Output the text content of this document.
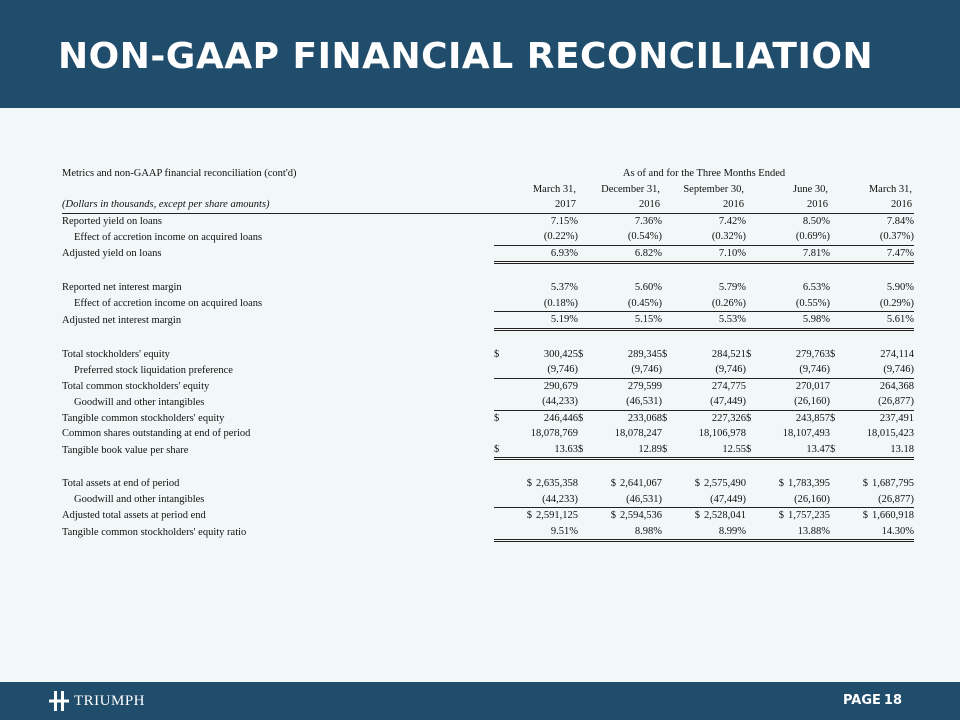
NON-GAAP FINANCIAL RECONCILIATION
Metrics and non-GAAP financial reconciliation (cont'd)	As of and for the Three Months Ended				
	March 31,	December 31,	September 30,	June 30,	March 31,
(Dollars in thousands, except per share amounts)	2017	2016	2016	2016	2016
Reported yield on loans	7.15%	7.36%	7.42%	8.50%	7.84%
Effect of accretion income on acquired loans	(0.22%)	(0.54%)	(0.32%)	(0.69%)	(0.37%)
Adjusted yield on loans	6.93%	6.82%	7.10%	7.81%	7.47%

Reported net interest margin	5.37%	5.60%	5.79%	6.53%	5.90%
Effect of accretion income on acquired loans	(0.18%)	(0.45%)	(0.26%)	(0.55%)	(0.29%)
Adjusted net interest margin	5.19%	5.15%	5.53%	5.98%	5.61%

Total stockholders' equity	$ 300,425	$ 289,345	$ 284,521	$ 279,763	$ 274,114

Preferred stock liquidation preference	(9,746)	(9,746)	(9,746)	(9,746)	(9,746)
Total common stockholders' equity	290,679	279,599	274,775	270,017	264,368
Goodwill and other intangibles	(44,233)	(46,531)	(47,449)	(26,160)	(26,877)
Tangible common stockholders' equity	$ 246,446	$ 233,068	$ 227,326	$ 243,857	$ 237,491

Common shares outstanding at end of period	18,078,769	18,078,247	18,106,978	18,107,493	18,015,423
Tangible book value per share	$ 13.63	$ 12.89	$ 12.55	$ 13.47	$ 13.18

Total assets at end of period	$ 2,635,358	$ 2,641,067	$ 2,575,490	$ 1,783,395	$ 1,687,795

Goodwill and other intangibles	(44,233)	(46,531)	(47,449)	(26,160)	(26,877)
Adjusted total assets at period end	$ 2,591,125	$ 2,594,536	$ 2,528,041	$ 1,757,235	$ 1,660,918

Tangible common stockholders' equity ratio	9.51%	8.98%	8.99%	13.88%	14.30%
TRIUMPH	PAGE 18
